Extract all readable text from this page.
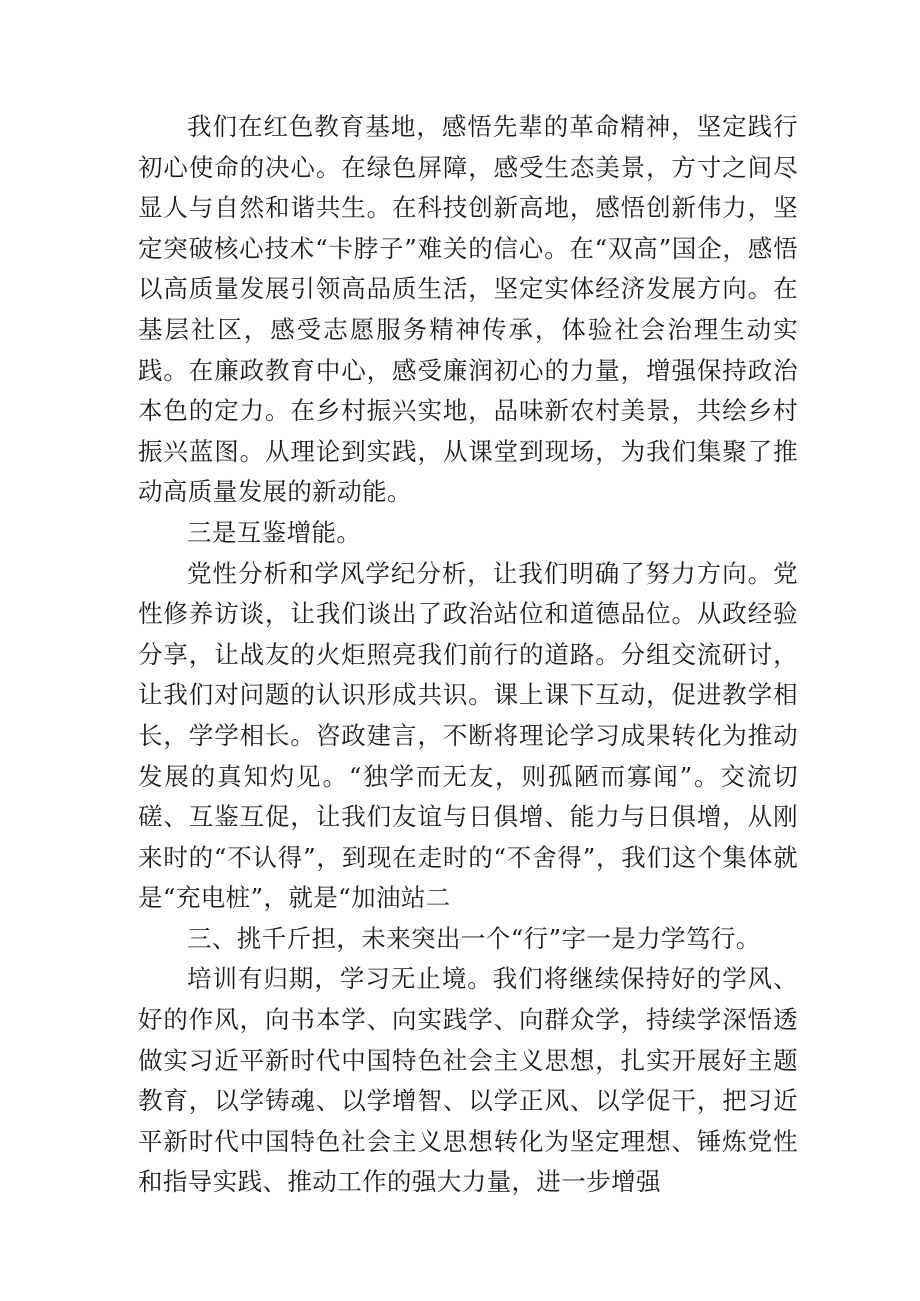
我们在红色教育基地，感悟先辈的革命精神，坚定践行初心使命的决心。在绿色屏障，感受生态美景，方寸之间尽显人与自然和谐共生。在科技创新高地，感悟创新伟力，坚定突破核心技术“卡脖子”难关的信心。在“双高”国企，感悟以高质量发展引领高品质生活，坚定实体经济发展方向。在基层社区，感受志愿服务精神传承，体验社会治理生动实践。在廉政教育中心，感受廉润初心的力量，增强保持政治本色的定力。在乡村振兴实地，品味新农村美景，共绘乡村振兴蓝图。从理论到实践，从课堂到现场，为我们集聚了推动高质量发展的新动能。

三是互鉴增能。

党性分析和学风学纪分析，让我们明确了努力方向。党性修养访谈，让我们谈出了政治站位和道德品位。从政经验分享，让战友的火炬照亮我们前行的道路。分组交流研讨，让我们对问题的认识形成共识。课上课下互动，促进教学相长，学学相长。咨政建言，不断将理论学习成果转化为推动发展的真知灼见。“独学而无友，则孤陋而寡闻”。交流切磋、互鉴互促，让我们友谊与日俱增、能力与日俱增，从刚来时的“不认得”，到现在走时的“不舍得”，我们这个集体就是“充电桩”，就是“加油站二

三、挑千斤担，未来突出一个“行”字一是力学笃行。

培训有归期，学习无止境。我们将继续保持好的学风、好的作风，向书本学、向实践学、向群众学，持续学深悟透做实习近平新时代中国特色社会主义思想，扎实开展好主题教育，以学铸魂、以学增智、以学正风、以学促干，把习近平新时代中国特色社会主义思想转化为坚定理想、锤炼党性和指导实践、推动工作的强大力量，进一步增强
